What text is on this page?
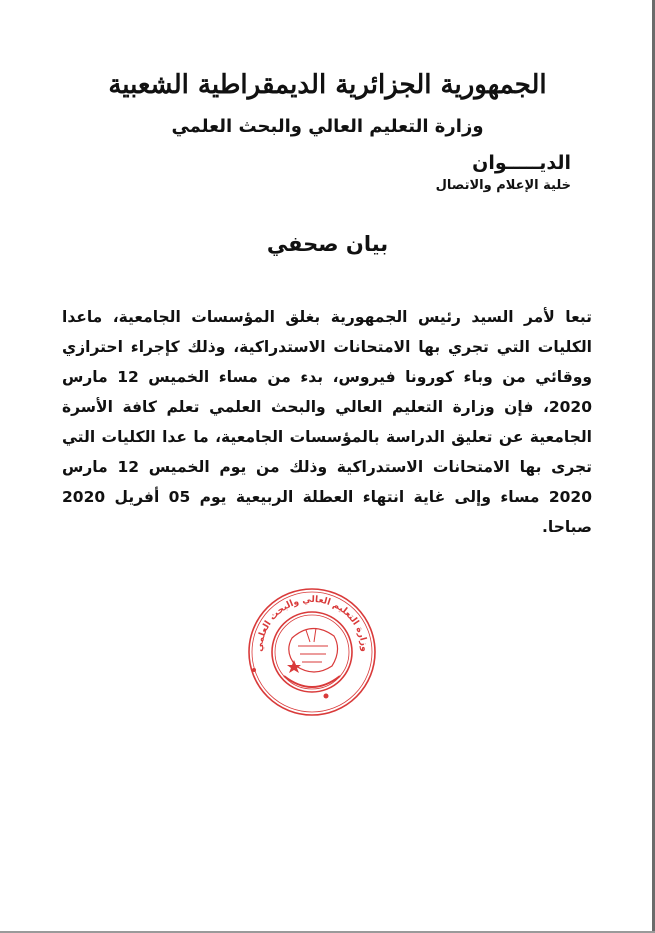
الجمهورية الجزائرية الديمقراطية الشعبية
وزارة التعليم العالي والبحث العلمي
الديـــــوان
خلية الإعلام والاتصال
بيان صحفي

تبعا لأمر السيد رئيس الجمهورية بغلق المؤسسات الجامعية، ماعدا الكليات التي تجري بها الامتحانات الاستدراكية، وذلك كإجراء احترازي ووقائي من وباء كورونا فيروس، بدء من مساء الخميس 12 مارس 2020، فإن وزارة التعليم العالي والبحث العلمي تعلم كافة الأسرة الجامعية عن تعليق الدراسة بالمؤسسات الجامعية، ما عدا الكليات التي تجرى بها الامتحانات الاستدراكية وذلك من يوم الخميس 12 مارس 2020 مساء وإلى غاية انتهاء العطلة الربيعية يوم 05 أفريل 2020 صباحا.

وزارة التعليم العالي والبحث العلمي
